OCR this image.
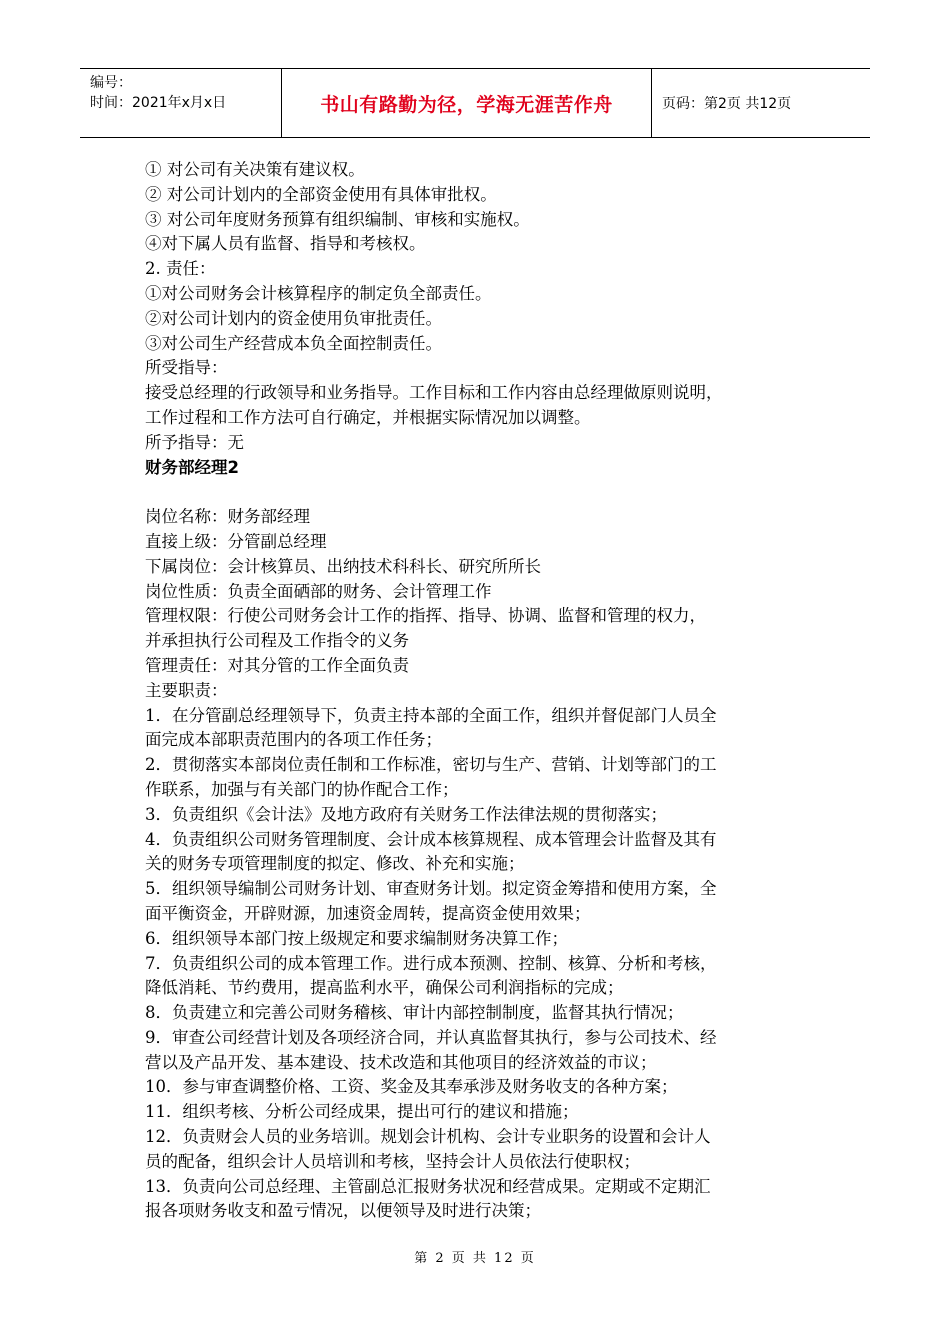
编号：
时间：2021年x月x日	书山有路勤为径，学海无涯苦作舟	页码：第2页 共12页

① 对公司有关决策有建议权。

② 对公司计划内的全部资金使用有具体审批权。

③ 对公司年度财务预算有组织编制、审核和实施权。

④对下属人员有监督、指导和考核权。

2. 责任：

①对公司财务会计核算程序的制定负全部责任。

②对公司计划内的资金使用负审批责任。

③对公司生产经营成本负全面控制责任。

所受指导：

接受总经理的行政领导和业务指导。工作目标和工作内容由总经理做原则说明，

工作过程和工作方法可自行确定，并根据实际情况加以调整。

所予指导：无

财务部经理2

岗位名称：财务部经理

直接上级：分管副总经理

下属岗位：会计核算员、出纳技术科科长、研究所所长

岗位性质：负责全面硒部的财务、会计管理工作

管理权限：行使公司财务会计工作的指挥、指导、协调、监督和管理的权力，

并承担执行公司程及工作指令的义务

管理责任：对其分管的工作全面负责

主要职责：

1．在分管副总经理领导下，负责主持本部的全面工作，组织并督促部门人员全

面完成本部职责范围内的各项工作任务；

2．贯彻落实本部岗位责任制和工作标准，密切与生产、营销、计划等部门的工

作联系，加强与有关部门的协作配合工作；

3．负责组织《会计法》及地方政府有关财务工作法律法规的贯彻落实；

4．负责组织公司财务管理制度、会计成本核算规程、成本管理会计监督及其有

关的财务专项管理制度的拟定、修改、补充和实施；

5．组织领导编制公司财务计划、审查财务计划。拟定资金筹措和使用方案，全

面平衡资金，开辟财源，加速资金周转，提高资金使用效果；

6．组织领导本部门按上级规定和要求编制财务决算工作；

7．负责组织公司的成本管理工作。进行成本预测、控制、核算、分析和考核，

降低消耗、节约费用，提高监利水平，确保公司利润指标的完成；

8．负责建立和完善公司财务稽核、审计内部控制制度，监督其执行情况；

9．审查公司经营计划及各项经济合同，并认真监督其执行，参与公司技术、经

营以及产品开发、基本建设、技术改造和其他项目的经济效益的市议；

10．参与审查调整价格、工资、奖金及其奉承涉及财务收支的各种方案；

11．组织考核、分析公司经成果，提出可行的建议和措施；

12．负责财会人员的业务培训。规划会计机构、会计专业职务的设置和会计人

员的配备，组织会计人员培训和考核，坚持会计人员依法行使职权；

13．负责向公司总经理、主管副总汇报财务状况和经营成果。定期或不定期汇

报各项财务收支和盈亏情况，以便领导及时进行决策；

第 2 页 共 12 页
